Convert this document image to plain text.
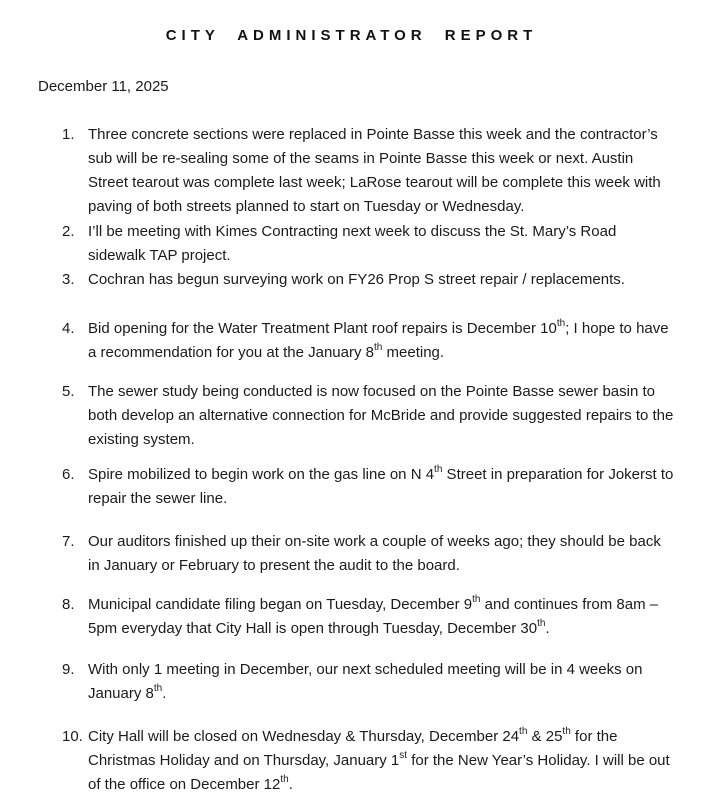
CITY ADMINISTRATOR REPORT

December 11, 2025

1. Three concrete sections were replaced in Pointe Basse this week and the contractor’s sub will be re-sealing some of the seams in Pointe Basse this week or next. Austin Street tearout was complete last week; LaRose tearout will be complete this week with paving of both streets planned to start on Tuesday or Wednesday.
2. I’ll be meeting with Kimes Contracting next week to discuss the St. Mary’s Road sidewalk TAP project.
3. Cochran has begun surveying work on FY26 Prop S street repair / replacements.
4. Bid opening for the Water Treatment Plant roof repairs is December 10th; I hope to have a recommendation for you at the January 8th meeting.
5. The sewer study being conducted is now focused on the Pointe Basse sewer basin to both develop an alternative connection for McBride and provide suggested repairs to the existing system.
6. Spire mobilized to begin work on the gas line on N 4th Street in preparation for Jokerst to repair the sewer line.
7. Our auditors finished up their on-site work a couple of weeks ago; they should be back in January or February to present the audit to the board.
8. Municipal candidate filing began on Tuesday, December 9th and continues from 8am – 5pm everyday that City Hall is open through Tuesday, December 30th.
9. With only 1 meeting in December, our next scheduled meeting will be in 4 weeks on January 8th.
10. City Hall will be closed on Wednesday & Thursday, December 24th & 25th for the Christmas Holiday and on Thursday, January 1st for the New Year’s Holiday. I will be out of the office on December 12th.
